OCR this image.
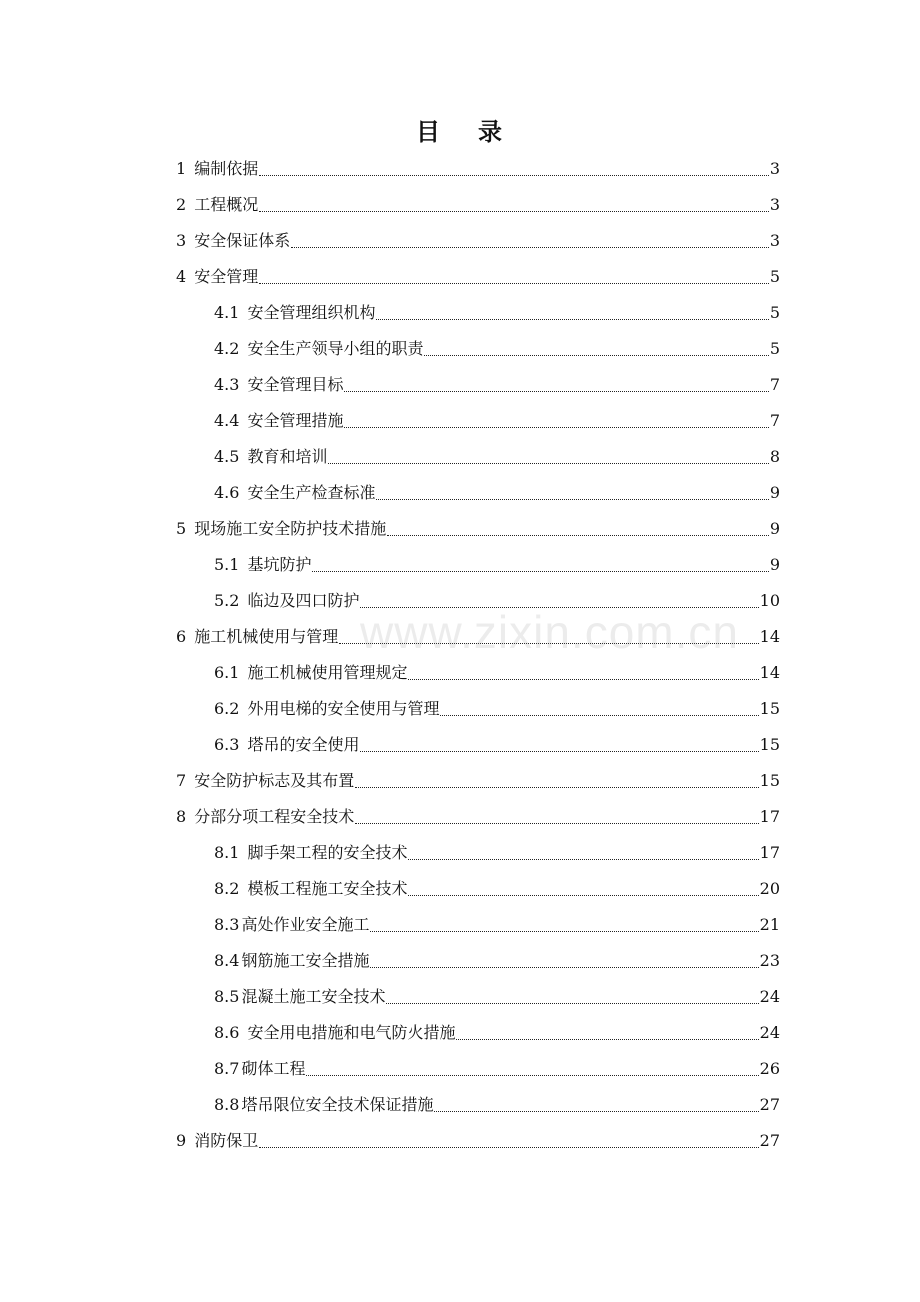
目 录
1 编制依据	3
2 工程概况	3
3 安全保证体系	3
4 安全管理	5
4.1 安全管理组织机构	5
4.2 安全生产领导小组的职责	5
4.3 安全管理目标	7
4.4 安全管理措施	7
4.5 教育和培训	8
4.6 安全生产检查标准	9
5 现场施工安全防护技术措施	9
5.1 基坑防护	9
5.2 临边及四口防护	10
6 施工机械使用与管理	14
6.1 施工机械使用管理规定	14
6.2 外用电梯的安全使用与管理	15
6.3 塔吊的安全使用	15
7 安全防护标志及其布置	15
8 分部分项工程安全技术	17
8.1 脚手架工程的安全技术	17
8.2 模板工程施工安全技术	20
8.3 高处作业安全施工	21
8.4 钢筋施工安全措施	23
8.5 混凝土施工安全技术	24
8.6 安全用电措施和电气防火措施	24
8.7 砌体工程	26
8.8 塔吊限位安全技术保证措施	27
9 消防保卫	27
www.zixin.com.cn
